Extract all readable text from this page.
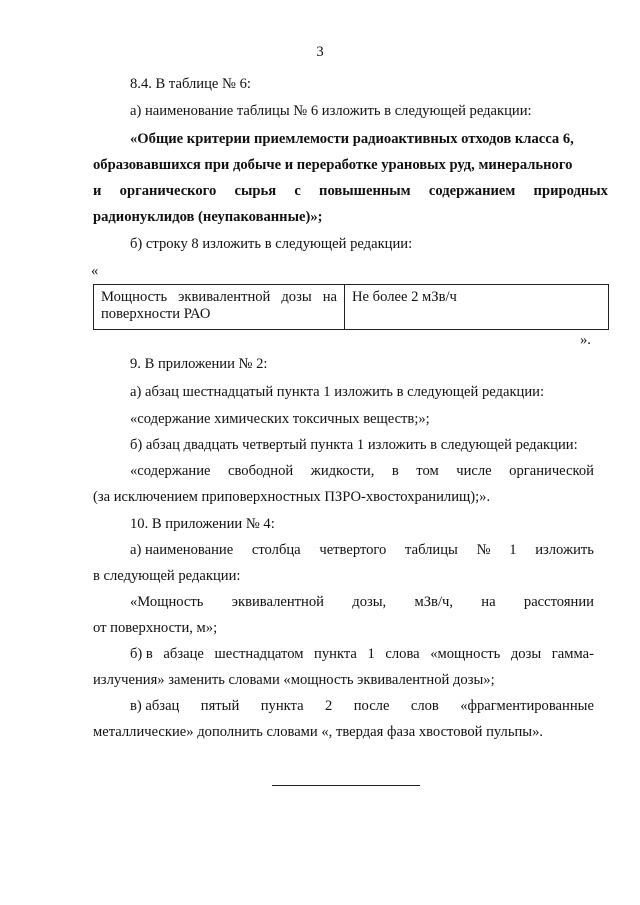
3
8.4. В таблице № 6:
а) наименование таблицы № 6 изложить в следующей редакции:
«Общие критерии приемлемости радиоактивных отходов класса 6,
образовавшихся при добыче и переработке урановых руд, минерального
и органического сырья с повышенным содержанием природных
радионуклидов (неупакованные)»;
б) строку 8 изложить в следующей редакции:
«
Мощность эквивалентной дозы на поверхности РАО	Не более 2 мЗв/ч
».
9. В приложении № 2:
а) абзац шестнадцатый пункта 1 изложить в следующей редакции:
«содержание химических токсичных веществ;»;
б) абзац двадцать четвертый пункта 1 изложить в следующей редакции:
«содержание свободной жидкости, в том числе органической
(за исключением приповерхностных ПЗРО-хвостохранилищ);».
10. В приложении № 4:
а) наименование столбца четвертого таблицы № 1 изложить
в следующей редакции:
«Мощность эквивалентной дозы, мЗв/ч, на расстоянии
от поверхности, м»;
б) в абзаце шестнадцатом пункта 1 слова «мощность дозы гамма-
излучения» заменить словами «мощность эквивалентной дозы»;
в) абзац пятый пункта 2 после слов «фрагментированные
металлические» дополнить словами «, твердая фаза хвостовой пульпы».
